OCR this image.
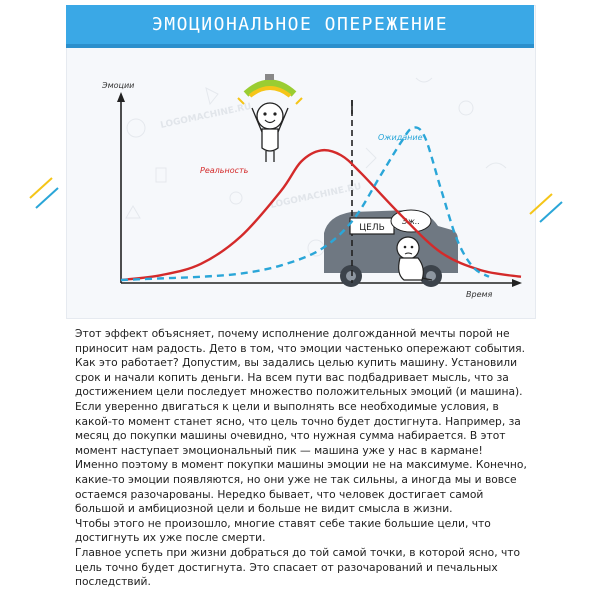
ЭМОЦИОНАЛЬНОЕ ОПЕРЕЖЕНИЕ
LOGOMACHINE.RU
LOGOMACHINE.RU
Эмоции
Время
ЦЕЛЬ
Эж..
Реальность
Ожидание

Этот эффект объясняет, почему исполнение долгожданной мечты порой не приносит нам радость. Дето в том, что эмоции частенько опережают события.

Как это работает? Допустим, вы задались целью купить машину. Установили срок и начали копить деньги. На всем пути вас подбадривает мысль, что за достижением цели последует множество положительных эмоций (и машина). Если уверенно двигаться к цели и выполнять все необходимые условия, в какой-то момент станет ясно, что цель точно будет достигнута. Например, за месяц до покупки машины очевидно, что нужная сумма набирается. В этот момент наступает эмоциональный пик — машина уже у нас в кармане!

Именно поэтому в момент покупки машины эмоции не на максимуме. Конечно, какие-то эмоции появляются, но они уже не так сильны, а иногда мы и вовсе остаемся разочарованы. Нередко бывает, что человек достигает самой большой и амбициозной цели и больше не видит смысла в жизни.

Чтобы этого не произошло, многие ставят себе такие большие цели, что достигнуть их уже после смерти.

Главное успеть при жизни добраться до той самой точки, в которой ясно, что цель точно будет достигнута. Это спасает от разочарований и печальных последствий.
